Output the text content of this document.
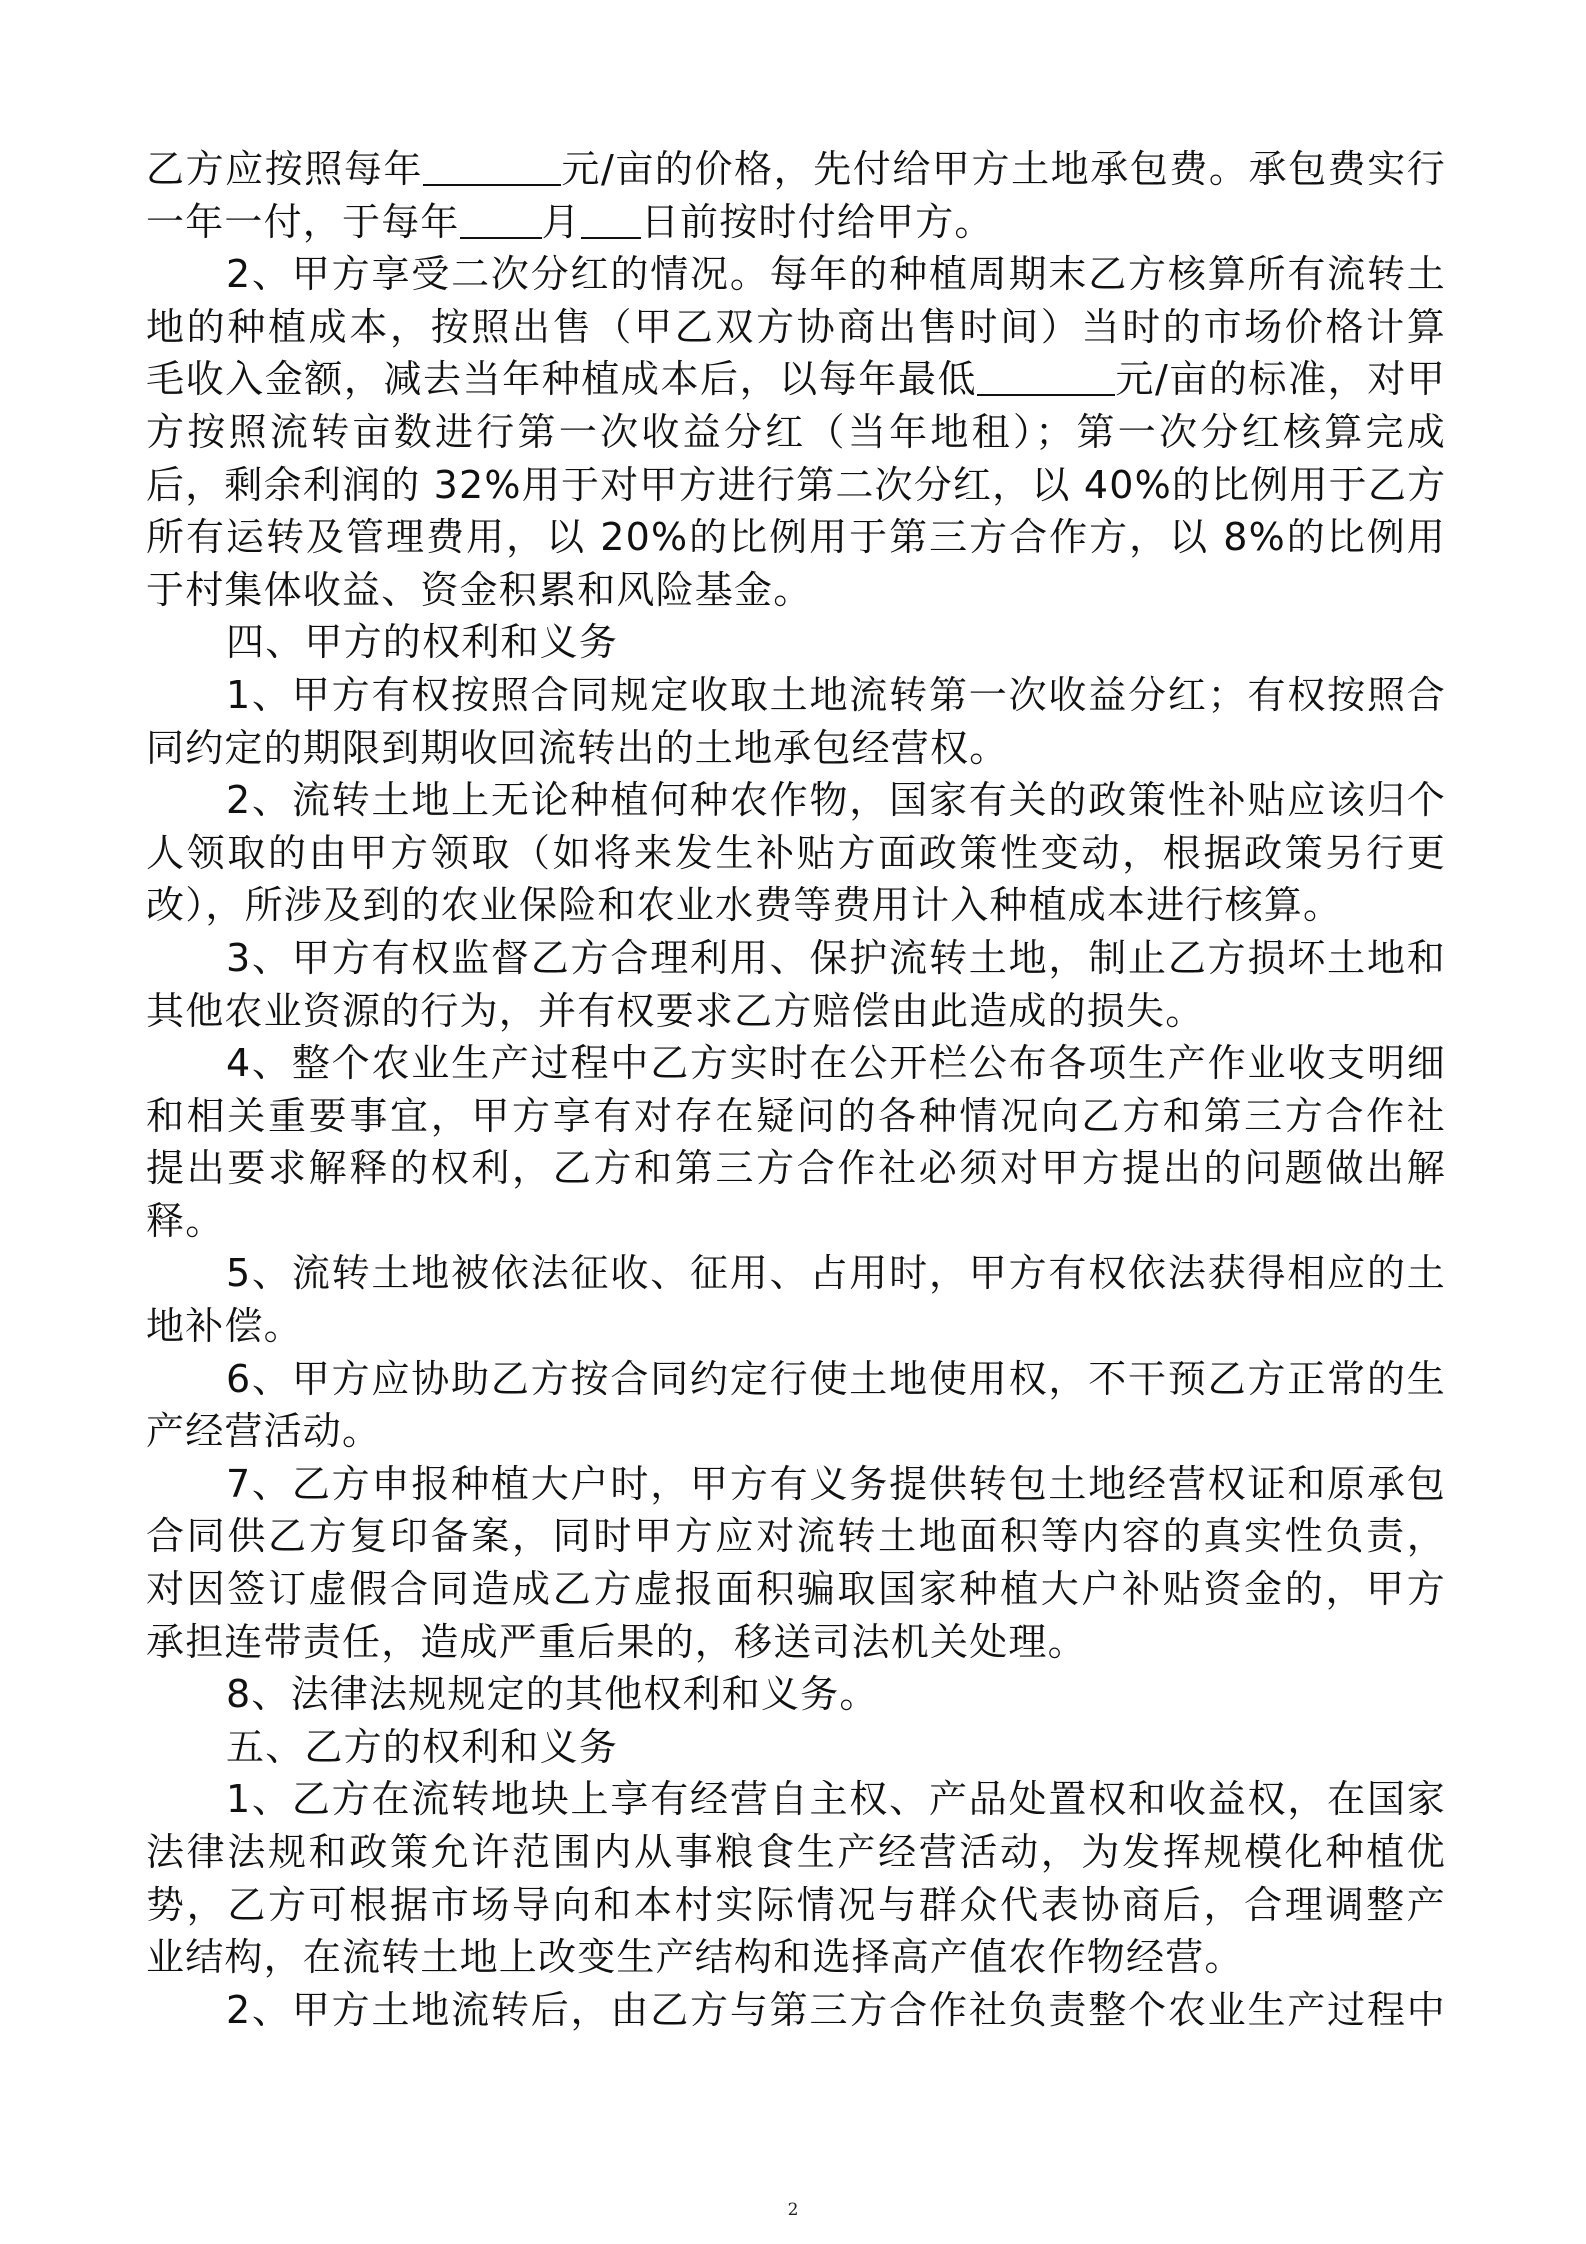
乙方应按照每年	元/亩的价格，先付给甲方土地承包费。承包费实行
一年一付，于每年 月 日前按时付给甲方。
2、甲方享受二次分红的情况。每年的种植周期末乙方核算所有流转土
地的种植成本，按照出售（甲乙双方协商出售时间）当时的市场价格计算
毛收入金额，减去当年种植成本后，以每年最低	元/亩的标准，对甲
方按照流转亩数进行第一次收益分红（当年地租）；第一次分红核算完成
后，剩余利润的 32%用于对甲方进行第二次分红，以 40%的比例用于乙方
所有运转及管理费用，以 20%的比例用于第三方合作方，以 8%的比例用
于村集体收益、资金积累和风险基金。
四、甲方的权利和义务
1、甲方有权按照合同规定收取土地流转第一次收益分红；有权按照合
同约定的期限到期收回流转出的土地承包经营权。
2、流转土地上无论种植何种农作物，国家有关的政策性补贴应该归个
人领取的由甲方领取（如将来发生补贴方面政策性变动，根据政策另行更
改），所涉及到的农业保险和农业水费等费用计入种植成本进行核算。
3、甲方有权监督乙方合理利用、保护流转土地，制止乙方损坏土地和
其他农业资源的行为，并有权要求乙方赔偿由此造成的损失。
4、整个农业生产过程中乙方实时在公开栏公布各项生产作业收支明细
和相关重要事宜，甲方享有对存在疑问的各种情况向乙方和第三方合作社
提出要求解释的权利，乙方和第三方合作社必须对甲方提出的问题做出解
释。
5、流转土地被依法征收、征用、占用时，甲方有权依法获得相应的土
地补偿。
6、甲方应协助乙方按合同约定行使土地使用权，不干预乙方正常的生
产经营活动。
7、乙方申报种植大户时，甲方有义务提供转包土地经营权证和原承包
合同供乙方复印备案，同时甲方应对流转土地面积等内容的真实性负责，
对因签订虚假合同造成乙方虚报面积骗取国家种植大户补贴资金的，甲方
承担连带责任，造成严重后果的，移送司法机关处理。
8、法律法规规定的其他权利和义务。
五、乙方的权利和义务
1、乙方在流转地块上享有经营自主权、产品处置权和收益权，在国家
法律法规和政策允许范围内从事粮食生产经营活动，为发挥规模化种植优
势，乙方可根据市场导向和本村实际情况与群众代表协商后，合理调整产
业结构，在流转土地上改变生产结构和选择高产值农作物经营。
2、甲方土地流转后，由乙方与第三方合作社负责整个农业生产过程中
2
